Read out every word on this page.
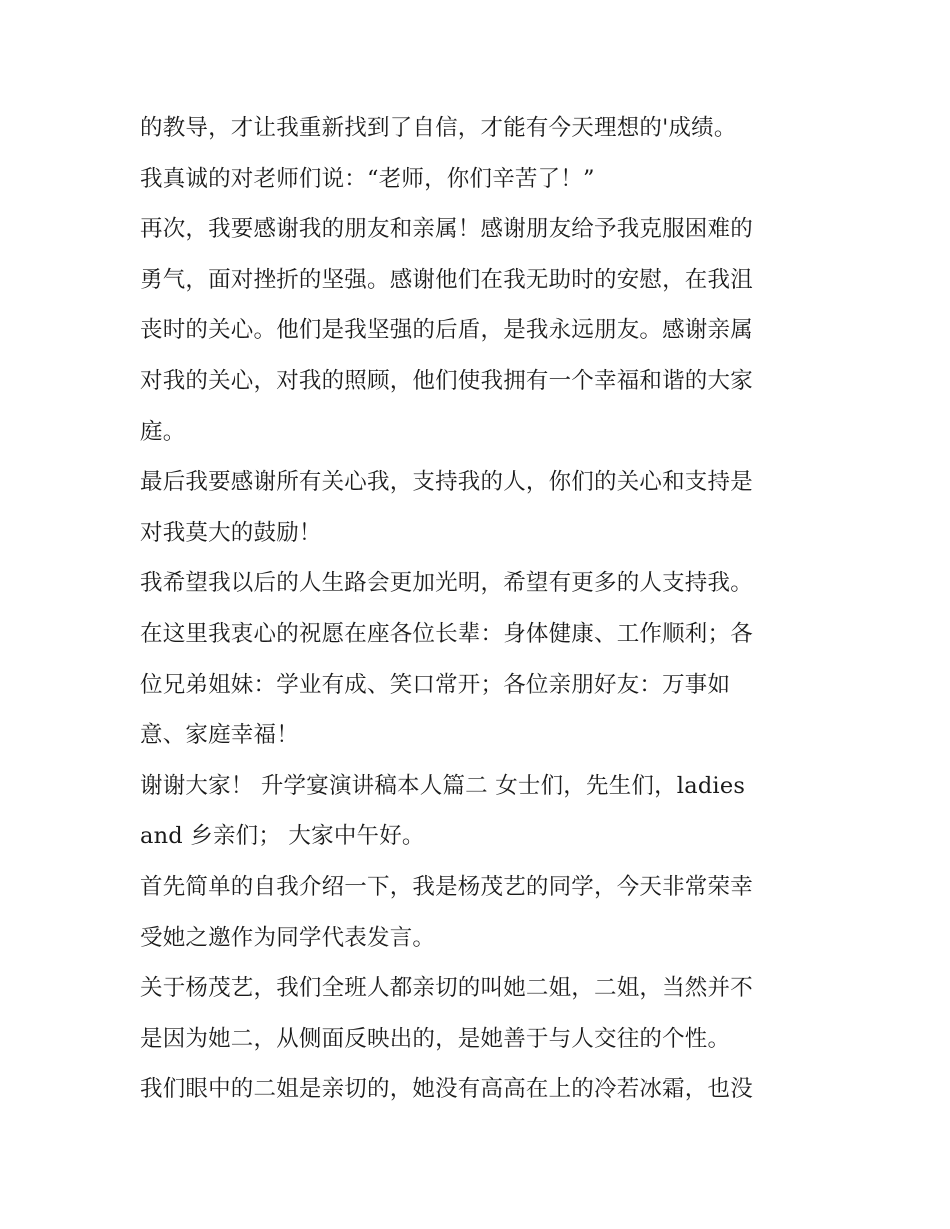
的教导，才让我重新找到了自信，才能有今天理想的'成绩。
我真诚的对老师们说：“老师，你们辛苦了！”
再次，我要感谢我的朋友和亲属！感谢朋友给予我克服困难的
勇气，面对挫折的坚强。感谢他们在我无助时的安慰，在我沮
丧时的关心。他们是我坚强的后盾，是我永远朋友。感谢亲属
对我的关心，对我的照顾，他们使我拥有一个幸福和谐的大家
庭。
最后我要感谢所有关心我，支持我的人，你们的关心和支持是
对我莫大的鼓励！
我希望我以后的人生路会更加光明，希望有更多的人支持我。
在这里我衷心的祝愿在座各位长辈：身体健康、工作顺利；各
位兄弟姐妹：学业有成、笑口常开；各位亲朋好友：万事如
意、家庭幸福！
谢谢大家！ 升学宴演讲稿本人篇二 女士们，先生们，ladies
and 乡亲们； 大家中午好。
首先简单的自我介绍一下，我是杨茂艺的同学，今天非常荣幸
受她之邀作为同学代表发言。
关于杨茂艺，我们全班人都亲切的叫她二姐，二姐，当然并不
是因为她二，从侧面反映出的，是她善于与人交往的个性。
我们眼中的二姐是亲切的，她没有高高在上的冷若冰霜，也没
